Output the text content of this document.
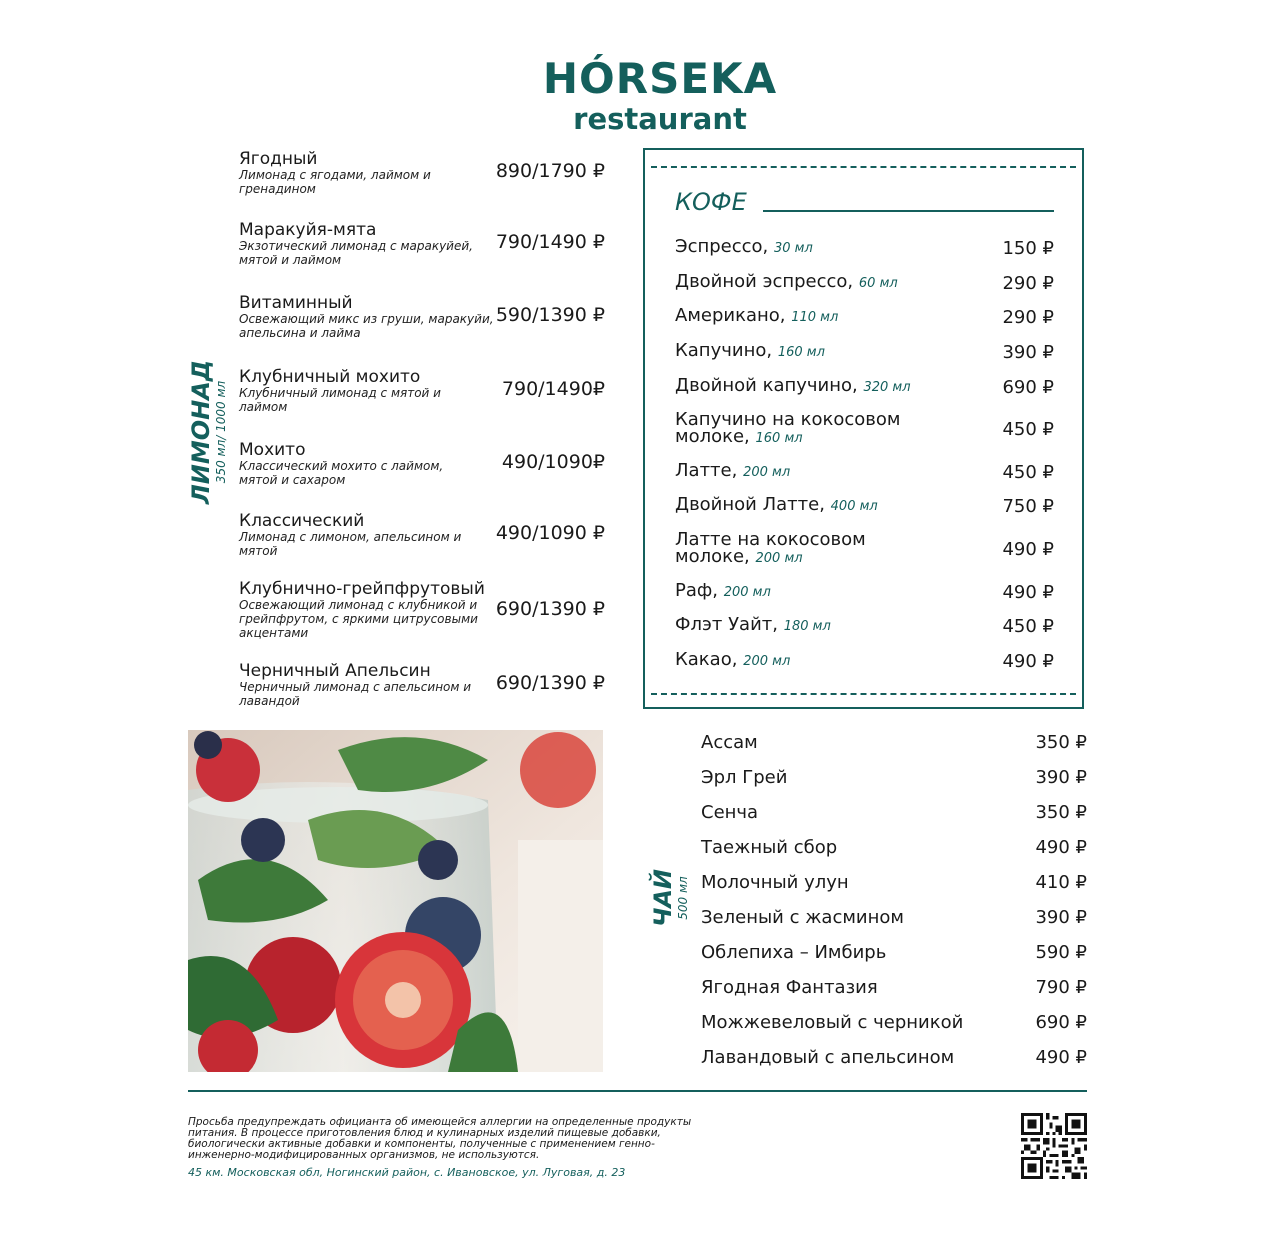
HÓRSEKA
restaurant
ЛИМОНАД 350 мл/ 1000 мл
Ягодный
Лимонад с ягодами, лаймом и гренадином
890/1790 ₽
Маракуйя-мята
Экзотический лимонад с маракуйей, мятой и лаймом
790/1490 ₽
Витаминный
Освежающий микс из груши, маракуйи, апельсина и лайма
590/1390 ₽
Клубничный мохито
Клубничный лимонад с мятой и лаймом
790/1490₽
Мохито
Классический мохито с лаймом, мятой и сахаром
490/1090₽
Классический
Лимонад с лимоном, апельсином и мятой
490/1090 ₽
Клубнично-грейпфрутовый
Освежающий лимонад с клубникой и грейпфрутом, с яркими цитрусовыми акцентами
690/1390 ₽
Черничный Апельсин
Черничный лимонад с апельсином и лавандой
690/1390 ₽
КОФЕ
Эспрессо, 30 мл	150 ₽
Двойной эспрессо, 60 мл	290 ₽
Американо, 110 мл	290 ₽
Капучино, 160 мл	390 ₽
Двойной капучино, 320 мл	690 ₽
Капучино на кокосовом молоке, 160 мл	450 ₽
Латте, 200 мл	450 ₽
Двойной Латте, 400 мл	750 ₽
Латте на кокосовом молоке, 200 мл	490 ₽
Раф, 200 мл	490 ₽
Флэт Уайт, 180 мл	450 ₽
Какао, 200 мл	490 ₽
ЧАЙ 500 мл
Ассам	350 ₽
Эрл Грей	390 ₽
Сенча	350 ₽
Таежный сбор	490 ₽
Молочный улун	410 ₽
Зеленый с жасмином	390 ₽
Облепиха – Имбирь	590 ₽
Ягодная Фантазия	790 ₽
Можжевеловый с черникой	690 ₽
Лавандовый с апельсином	490 ₽
Просьба предупреждать официанта об имеющейся аллергии на определенные продукты питания. В процессе приготовления блюд и кулинарных изделий пищевые добавки, биологически активные добавки и компоненты, полученные с применением генно-инженерно-модифицированных организмов, не используются.
45 км. Московская обл, Ногинский район, с. Ивановское, ул. Луговая, д. 23
